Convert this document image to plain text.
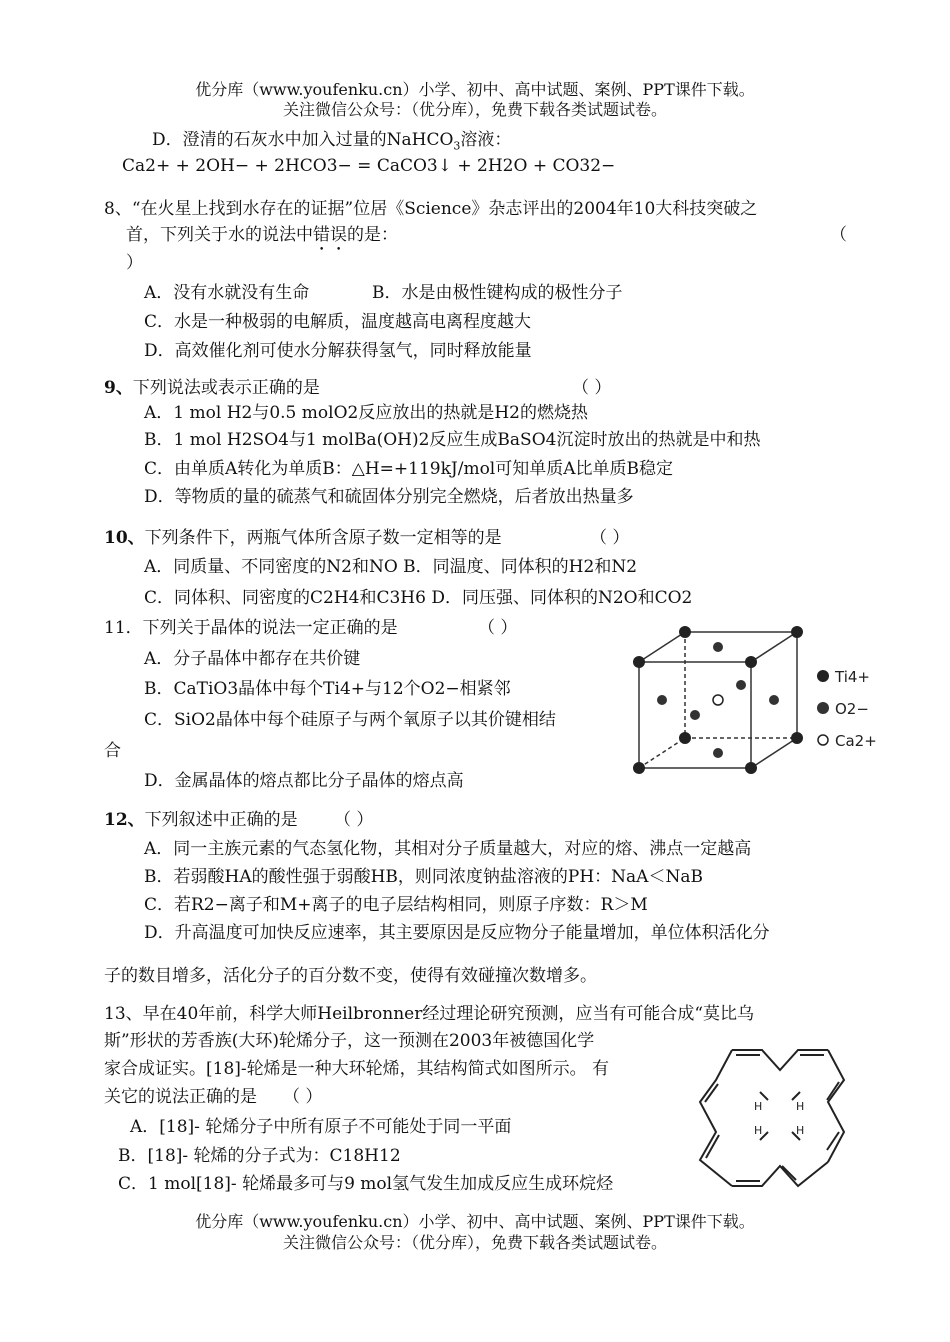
优分库（www.youfenku.cn）小学、初中、高中试题、案例、PPT课件下载。
关注微信公众号：（优分库），免费下载各类试题试卷。
D．澄清的石灰水中加入过量的NaHCO$_3$溶液：
Ca2+ + 2OH− + 2HCO3− = CaCO3↓ + 2H2O + CO32−
8、“在火星上找到水存在的证据”位居《Science》杂志评出的2004年10大科技突破之
首，下列关于水的说法中错误的是：	（
）
A．没有水就没有生命	B．水是由极性键构成的极性分子
C．水是一种极弱的电解质，温度越高电离程度越大
D．高效催化剂可使水分解获得氢气，同时释放能量
9、下列说法或表示正确的是	（ ）
A．1 mol H2与0.5 molO2反应放出的热就是H2的燃烧热
B．1 mol H2SO4与1 molBa(OH)2反应生成BaSO4沉淀时放出的热就是中和热
C．由单质A转化为单质B：△H=+119kJ/mol可知单质A比单质B稳定
D．等物质的量的硫蒸气和硫固体分别完全燃烧，后者放出热量多
10、下列条件下，两瓶气体所含原子数一定相等的是	（ ）
A．同质量、不同密度的N2和NO B．同温度、同体积的H2和N2
C．同体积、同密度的C2H4和C3H6 D．同压强、同体积的N2O和CO2
11．下列关于晶体的说法一定正确的是	（ ）
A．分子晶体中都存在共价键
B．CaTiO3晶体中每个Ti4+与12个O2−相紧邻
C．SiO2晶体中每个硅原子与两个氧原子以其价键相结
合
D．金属晶体的熔点都比分子晶体的熔点高
Ti4+
O2−
Ca2+
12、下列叙述中正确的是 （ ）
A．同一主族元素的气态氢化物，其相对分子质量越大，对应的熔、沸点一定越高
B．若弱酸HA的酸性强于弱酸HB，则同浓度钠盐溶液的PH：NaA＜NaB
C．若R2−离子和M+离子的电子层结构相同，则原子序数：R＞M
D．升高温度可加快反应速率，其主要原因是反应物分子能量增加，单位体积活化分
子的数目增多，活化分子的百分数不变，使得有效碰撞次数增多。
13、早在40年前，科学大师Heilbronner经过理论研究预测，应当有可能合成“莫比乌
斯”形状的芳香族(大环)轮烯分子，这一预测在2003年被德国化学
家合成证实。[18]-轮烯是一种大环轮烯，其结构简式如图所示。 有
关它的说法正确的是 （ ）
A．[18]- 轮烯分子中所有原子不可能处于同一平面
B．[18]- 轮烯的分子式为：C18H12
C．1 mol[18]- 轮烯最多可与9 mol氢气发生加成反应生成环烷烃
H	H
H	H
优分库（www.youfenku.cn）小学、初中、高中试题、案例、PPT课件下载。
关注微信公众号：（优分库），免费下载各类试题试卷。
